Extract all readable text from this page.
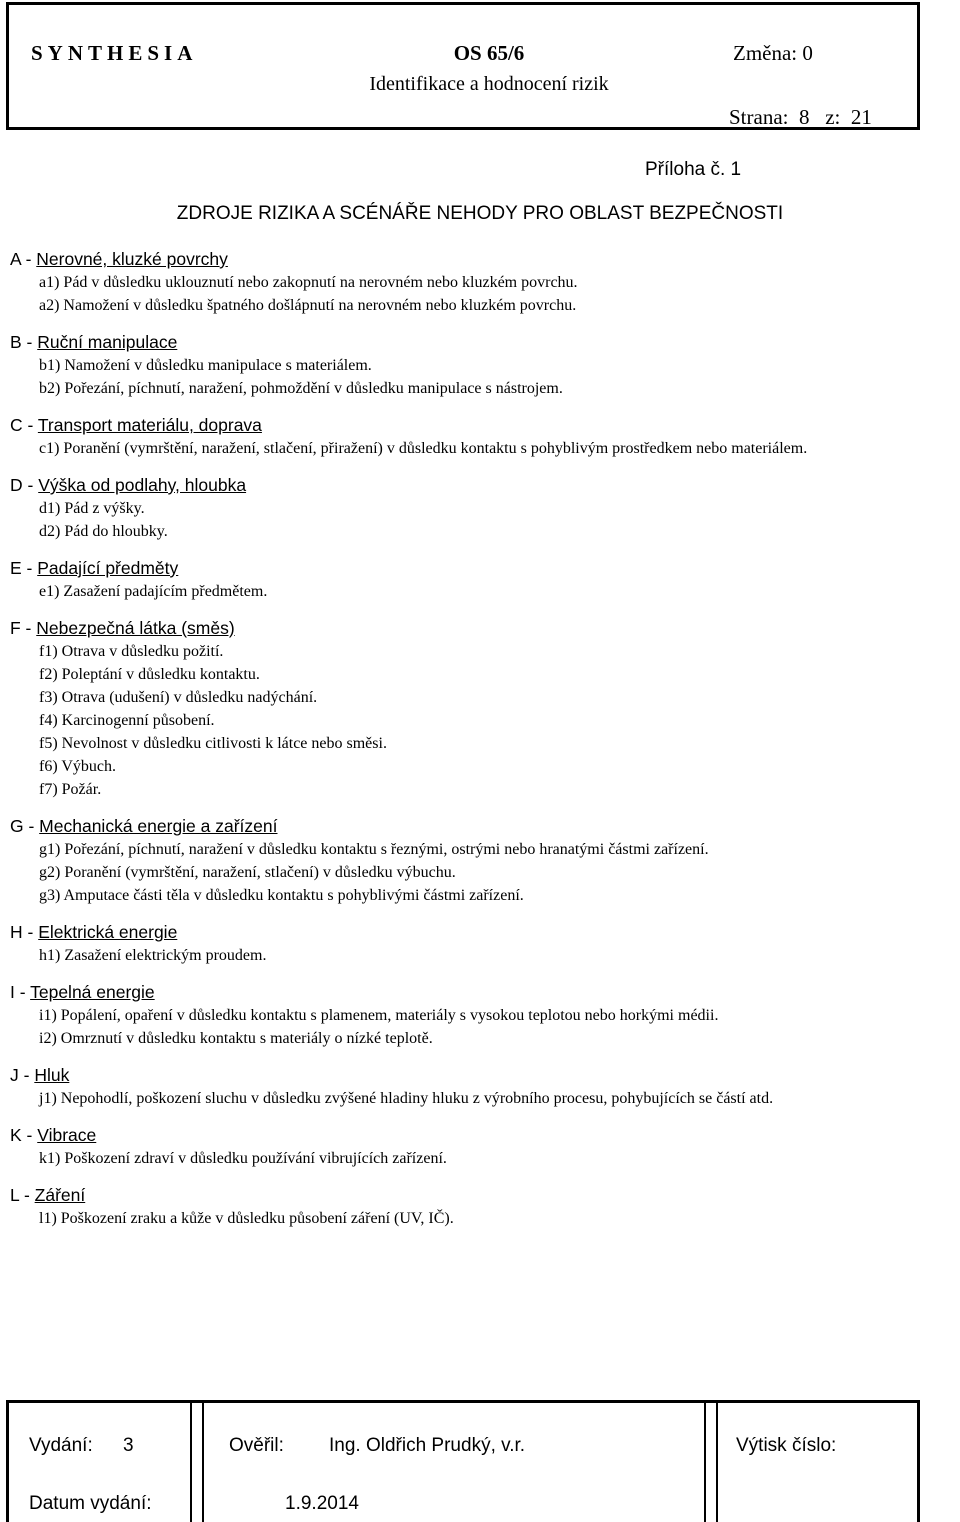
SYNTHESIA	OS 65/6
Identifikace a hodnocení rizik
Změna: 0
Strana:  8   z:  21
Příloha č. 1
ZDROJE RIZIKA A SCÉNÁŘE NEHODY PRO OBLAST BEZPEČNOSTI
A - Nerovné, kluzké povrchy
a1) Pád v důsledku uklouznutí nebo zakopnutí na nerovném nebo kluzkém povrchu.
a2) Namožení v důsledku špatného došlápnutí na nerovném nebo kluzkém povrchu.
B - Ruční manipulace
b1) Namožení v důsledku manipulace s materiálem.
b2) Pořezání, píchnutí, naražení, pohmoždění v důsledku manipulace s nástrojem.
C - Transport materiálu, doprava
c1) Poranění (vymrštění, naražení, stlačení, přiražení) v důsledku kontaktu s pohyblivým prostředkem nebo materiálem.
D - Výška od podlahy, hloubka
d1) Pád z výšky.
d2) Pád do hloubky.
E - Padající předměty
e1) Zasažení padajícím předmětem.
F - Nebezpečná látka (směs)
f1) Otrava v důsledku požití.
f2) Poleptání v důsledku kontaktu.
f3) Otrava (udušení) v důsledku nadýchání.
f4) Karcinogenní působení.
f5) Nevolnost v důsledku citlivosti k látce nebo směsi.
f6) Výbuch.
f7) Požár.
G - Mechanická energie a zařízení
g1) Pořezání, píchnutí, naražení v důsledku kontaktu s řeznými, ostrými nebo hranatými částmi zařízení.
g2) Poranění (vymrštění, naražení, stlačení) v důsledku výbuchu.
g3) Amputace části těla v důsledku kontaktu s pohyblivými částmi zařízení.
H - Elektrická energie
h1) Zasažení elektrickým proudem.
I - Tepelná energie
i1) Popálení, opaření v důsledku kontaktu s plamenem, materiály s vysokou teplotou nebo horkými médii.
i2) Omrznutí v důsledku kontaktu s materiály o nízké teplotě.
J - Hluk
j1) Nepohodlí, poškození sluchu v důsledku zvýšené hladiny hluku z výrobního procesu, pohybujících se částí atd.
K - Vibrace
k1) Poškození zdraví v důsledku používání vibrujících zařízení.
L - Záření
l1) Poškození zraku a kůže v důsledku působení záření (UV, IČ).
Vydání: 3	Ověřil: Ing. Oldřich Prudký, v.r.	Výtisk číslo:
Datum vydání:	1.9.2014
